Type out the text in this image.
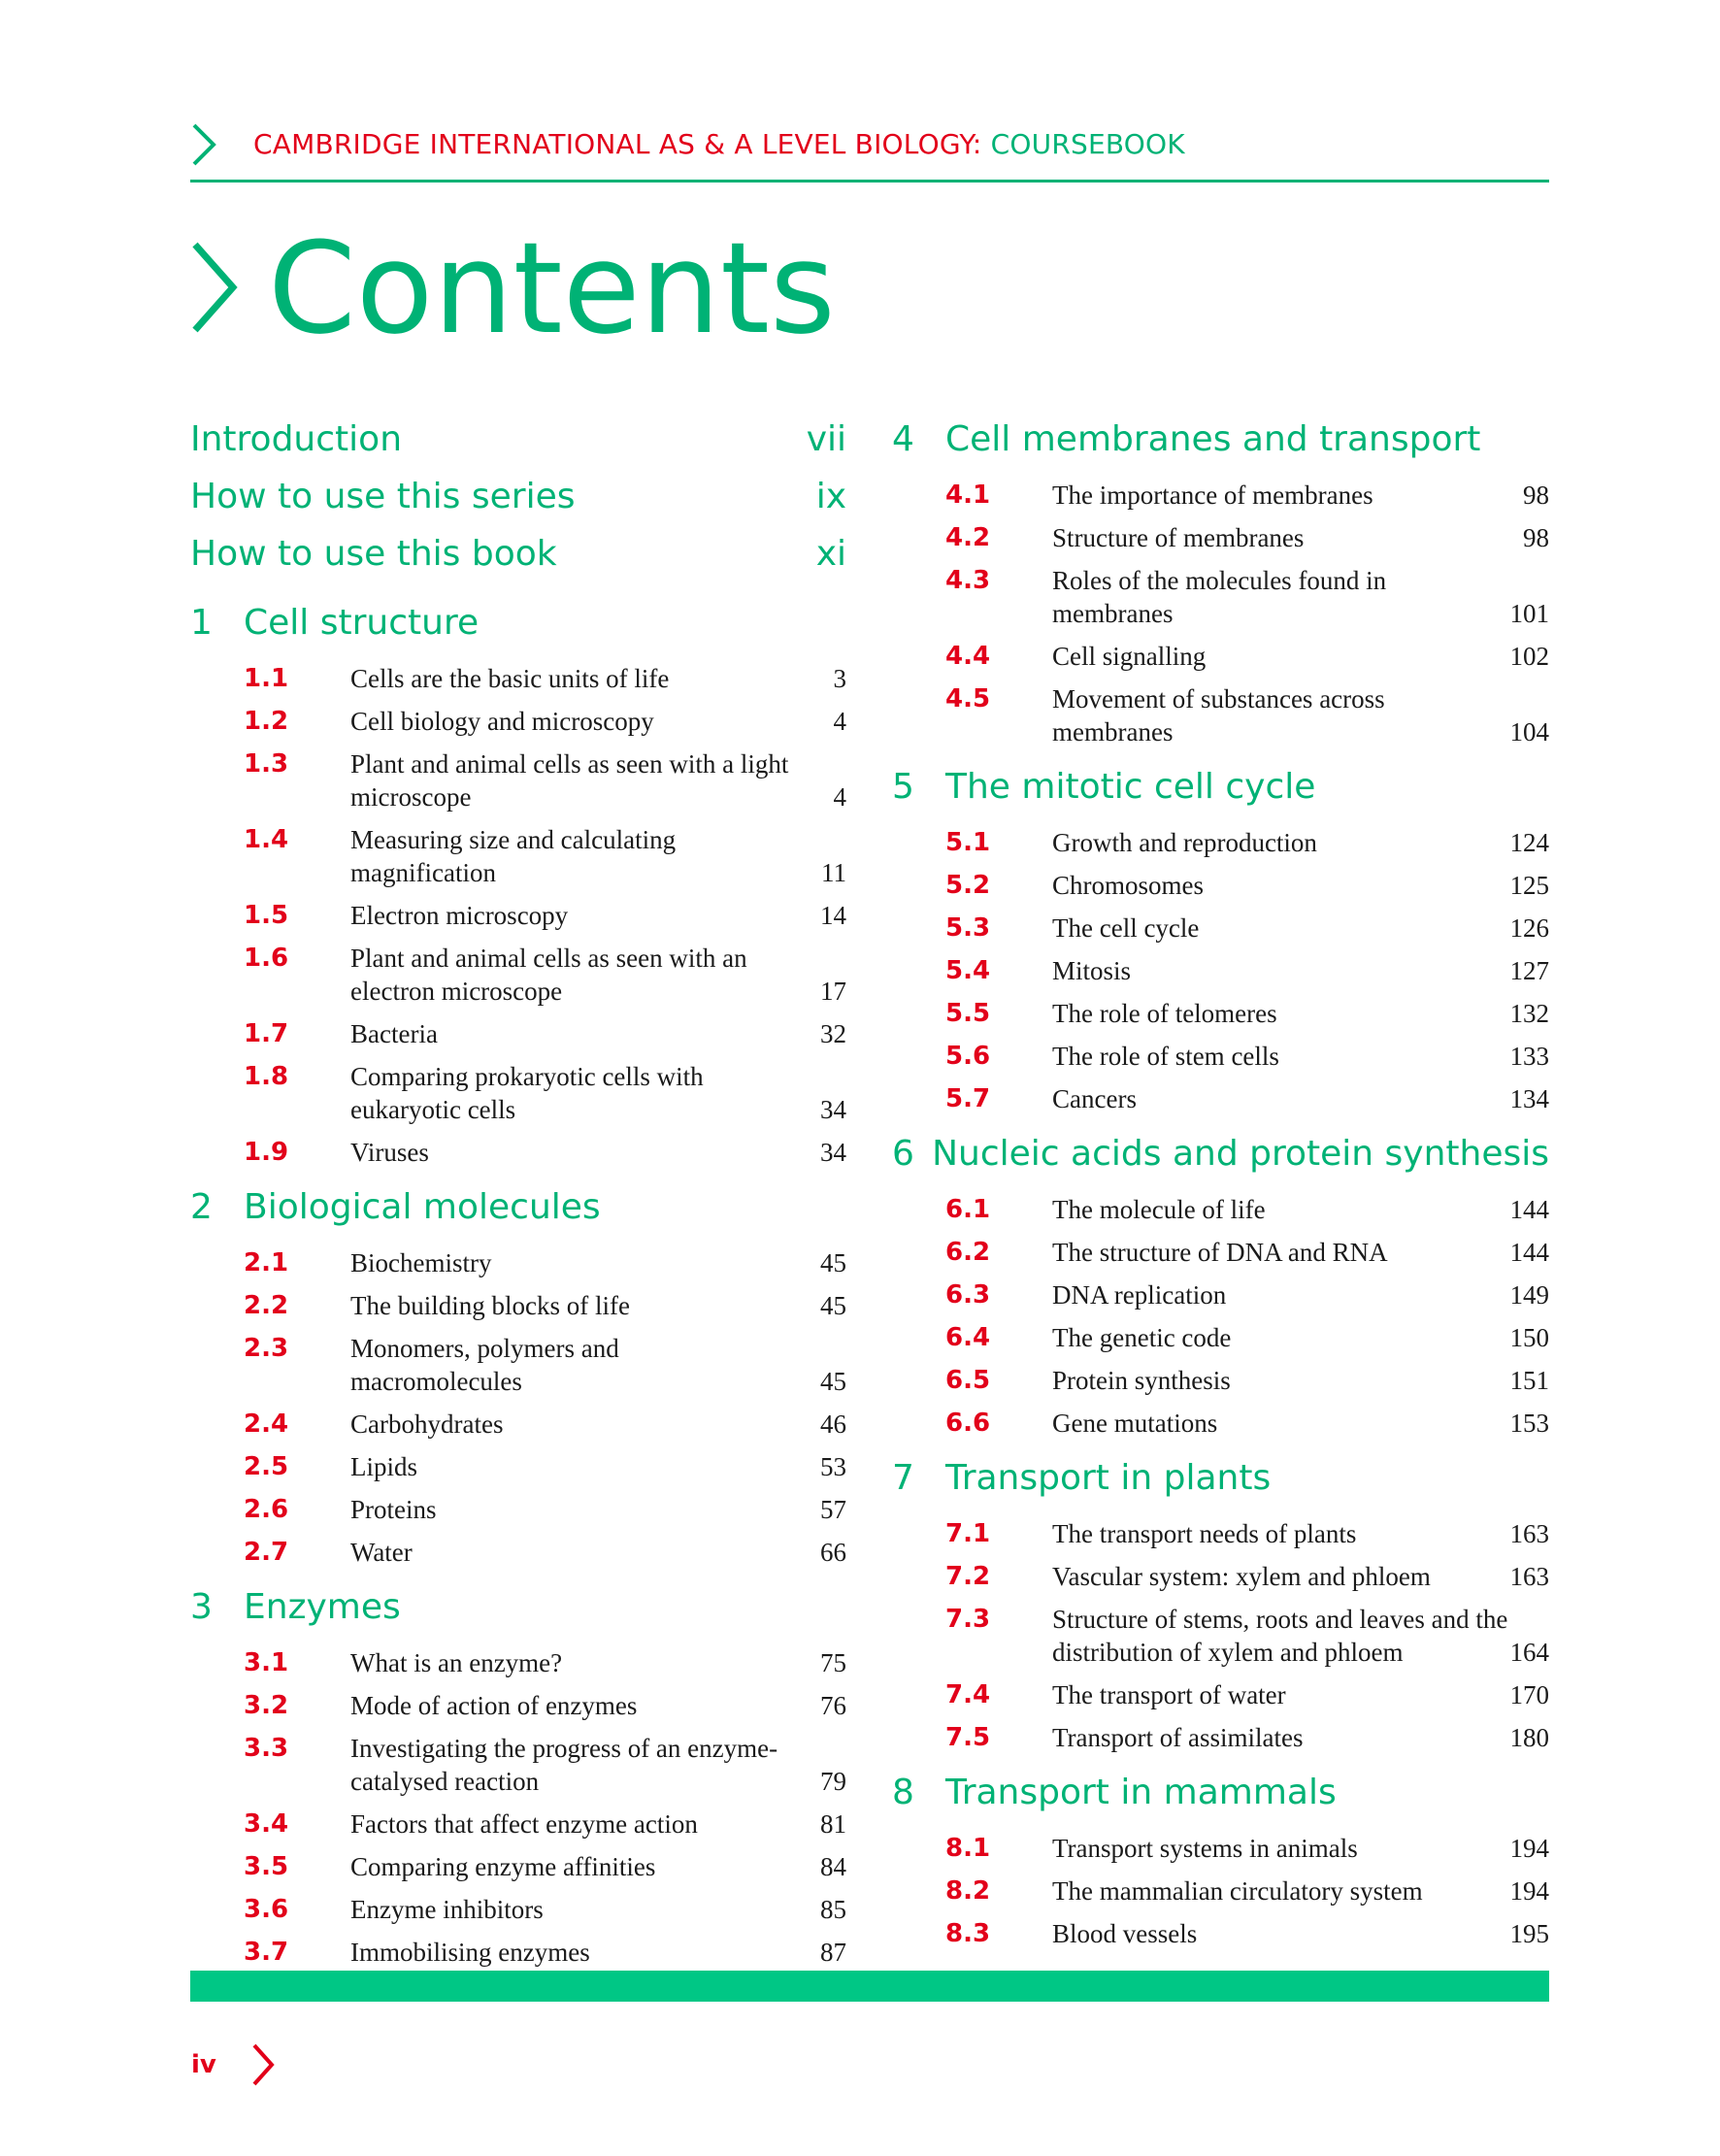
CAMBRIDGE INTERNATIONAL AS & A LEVEL BIOLOGY: COURSEBOOK
Contents
Introduction	vii
How to use this series	ix
How to use this book	xi
1 Cell structure
1.1	Cells are the basic units of life	3
1.2	Cell biology and microscopy	4
1.3	Plant and animal cells as seen with a light microscope	4
1.4	Measuring size and calculating magnification	11
1.5	Electron microscopy	14
1.6	Plant and animal cells as seen with an electron microscope	17
1.7	Bacteria	32
1.8	Comparing prokaryotic cells with eukaryotic cells	34
1.9	Viruses	34
2 Biological molecules
2.1	Biochemistry	45
2.2	The building blocks of life	45
2.3	Monomers, polymers and macromolecules	45
2.4	Carbohydrates	46
2.5	Lipids	53
2.6	Proteins	57
2.7	Water	66
3 Enzymes
3.1	What is an enzyme?	75
3.2	Mode of action of enzymes	76
3.3	Investigating the progress of an enzyme-catalysed reaction	79
3.4	Factors that affect enzyme action	81
3.5	Comparing enzyme affinities	84
3.6	Enzyme inhibitors	85
3.7	Immobilising enzymes	87
4 Cell membranes and transport
4.1	The importance of membranes	98
4.2	Structure of membranes	98
4.3	Roles of the molecules found in membranes	101
4.4	Cell signalling	102
4.5	Movement of substances across membranes	104
5 The mitotic cell cycle
5.1	Growth and reproduction	124
5.2	Chromosomes	125
5.3	The cell cycle	126
5.4	Mitosis	127
5.5	The role of telomeres	132
5.6	The role of stem cells	133
5.7	Cancers	134
6 Nucleic acids and protein synthesis
6.1	The molecule of life	144
6.2	The structure of DNA and RNA	144
6.3	DNA replication	149
6.4	The genetic code	150
6.5	Protein synthesis	151
6.6	Gene mutations	153
7 Transport in plants
7.1	The transport needs of plants	163
7.2	Vascular system: xylem and phloem	163
7.3	Structure of stems, roots and leaves and the distribution of xylem and phloem	164
7.4	The transport of water	170
7.5	Transport of assimilates	180
8 Transport in mammals
8.1	Transport systems in animals	194
8.2	The mammalian circulatory system	194
8.3	Blood vessels	195
iv
